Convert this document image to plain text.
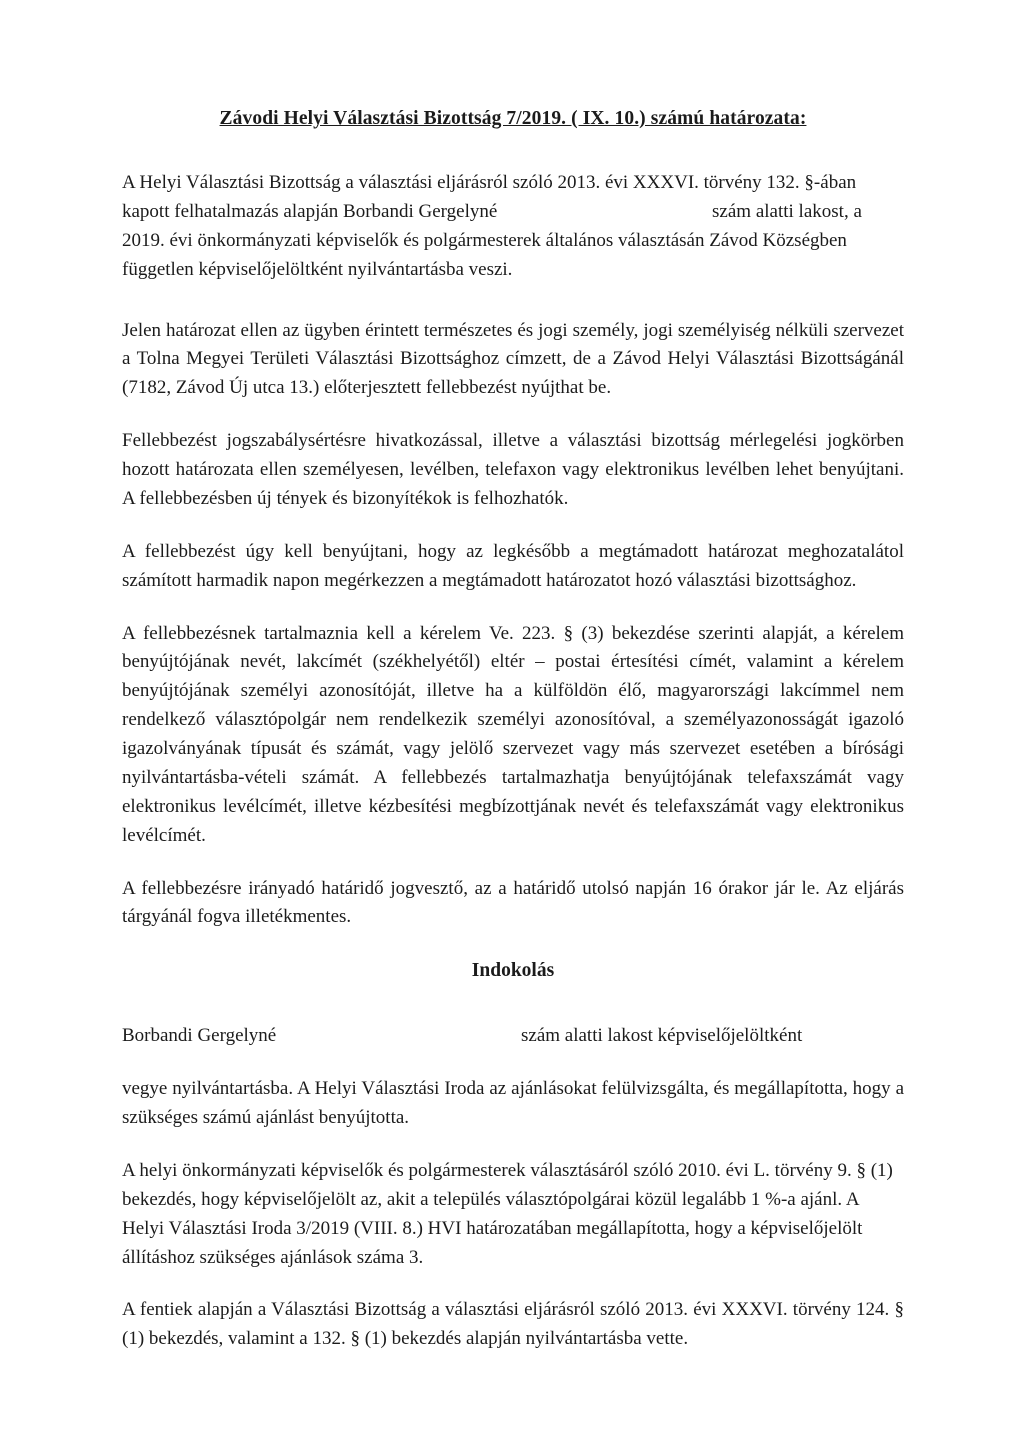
Závodi Helyi Választási Bizottság 7/2019. ( IX. 10.) számú határozata:

A Helyi Választási Bizottság a választási eljárásról szóló 2013. évi XXXVI. törvény 132. §-ában kapott felhatalmazás alapján Borbandi Gergelyné	szám alatti lakost, a 2019. évi önkormányzati képviselők és polgármesterek általános választásán Závod Községben független képviselőjelöltként nyilvántartásba veszi.

Jelen határozat ellen az ügyben érintett természetes és jogi személy, jogi személyiség nélküli szervezet a Tolna Megyei Területi Választási Bizottsághoz címzett, de a Závod Helyi Választási Bizottságánál (7182, Závod Új utca 13.) előterjesztett fellebbezést nyújthat be.

Fellebbezést jogszabálysértésre hivatkozással, illetve a választási bizottság mérlegelési jogkörben hozott határozata ellen személyesen, levélben, telefaxon vagy elektronikus levélben lehet benyújtani. A fellebbezésben új tények és bizonyítékok is felhozhatók.

A fellebbezést úgy kell benyújtani, hogy az legkésőbb a megtámadott határozat meghozatalátol számított harmadik napon megérkezzen a megtámadott határozatot hozó választási bizottsághoz.

A fellebbezésnek tartalmaznia kell a kérelem Ve. 223. § (3) bekezdése szerinti alapját, a kérelem benyújtójának nevét, lakcímét (székhelyétől) eltér – postai értesítési címét, valamint a kérelem benyújtójának személyi azonosítóját, illetve ha a külföldön élő, magyarországi lakcímmel nem rendelkező választópolgár nem rendelkezik személyi azonosítóval, a személyazonosságát igazoló igazolványának típusát és számát, vagy jelölő szervezet vagy más szervezet esetében a bírósági nyilvántartásba-vételi számát. A fellebbezés tartalmazhatja benyújtójának telefaxszámát vagy elektronikus levélcímét, illetve kézbesítési megbízottjának nevét és telefaxszámát vagy elektronikus levélcímét.

A fellebbezésre irányadó határidő jogvesztő, az a határidő utolsó napján 16 órakor jár le. Az eljárás tárgyánál fogva illetékmentes.

Indokolás

Borbandi Gergelyné	szám alatti lakost képviselőjelöltként

vegye nyilvántartásba. A Helyi Választási Iroda az ajánlásokat felülvizsgálta, és megállapította, hogy a szükséges számú ajánlást benyújtotta.

A helyi önkormányzati képviselők és polgármesterek választásáról szóló 2010. évi L. törvény 9. § (1) bekezdés, hogy képviselőjelölt az, akit a település választópolgárai közül legalább 1 %-a ajánl. A Helyi Választási Iroda 3/2019 (VIII. 8.) HVI határozatában megállapította, hogy a képviselőjelölt állításhoz szükséges ajánlások száma 3.

A fentiek alapján a Választási Bizottság a választási eljárásról szóló 2013. évi XXXVI. törvény 124. § (1) bekezdés, valamint a 132. § (1) bekezdés alapján nyilvántartásba vette.
